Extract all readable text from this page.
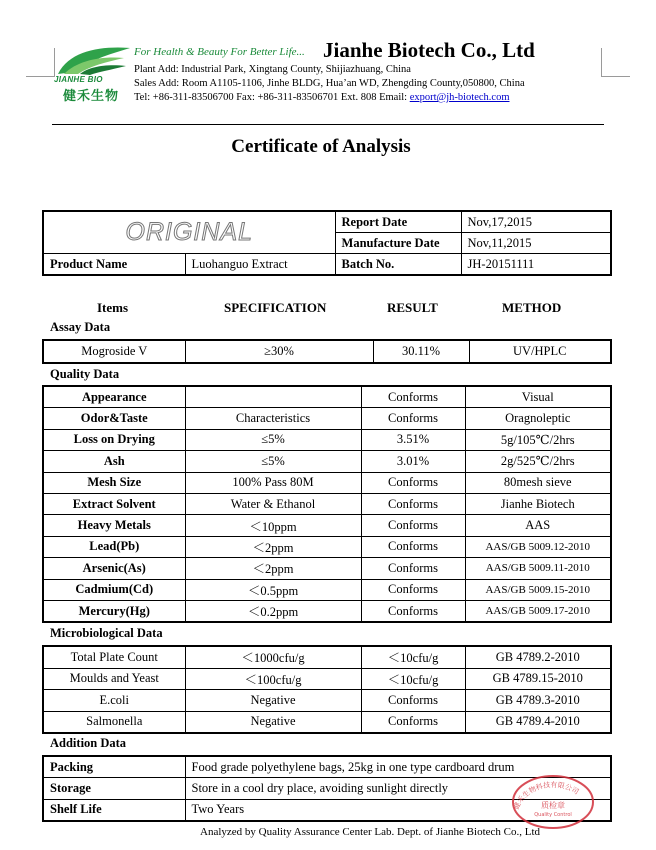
JIANHE BIO
健禾生物
For Health & Beauty For Better Life... Jianhe Biotech Co., Ltd
Plant Add: Industrial Park, Xingtang County, Shijiazhuang, China
Sales Add: Room A1105-1106, Jinhe BLDG, Hua’an WD, Zhengding County,050800, China
Tel: +86-311-83506700 Fax: +86-311-83506701 Ext. 808 Email: export@jh-biotech.com
Certificate of Analysis
ORIGINAL		Report Date	Nov,17,2015
		Manufacture Date	Nov,11,2015
Product Name	Luohanguo Extract	Batch No.	JH-20151111
Items	SPECIFICATION	RESULT	METHOD
Assay Data
Mogroside V	≥30%	30.11%	UV/HPLC
Quality Data
Appearance		Conforms	Visual
Odor&Taste	Characteristics	Conforms	Oragnoleptic
Loss on Drying	≤5%	3.51%	5g/105℃/2hrs
Ash	≤5%	3.01%	2g/525℃/2hrs
Mesh Size	100% Pass 80M	Conforms	80mesh sieve
Extract Solvent	Water & Ethanol	Conforms	Jianhe Biotech
Heavy Metals	＜10ppm	Conforms	AAS
Lead(Pb)	＜2ppm	Conforms	AAS/GB 5009.12-2010
Arsenic(As)	＜2ppm	Conforms	AAS/GB 5009.11-2010
Cadmium(Cd)	＜0.5ppm	Conforms	AAS/GB 5009.15-2010
Mercury(Hg)	＜0.2ppm	Conforms	AAS/GB 5009.17-2010
Microbiological Data
Total Plate Count	＜1000cfu/g	＜10cfu/g	GB 4789.2-2010
Moulds and Yeast	＜100cfu/g	＜10cfu/g	GB 4789.15-2010
E.coli	Negative	Conforms	GB 4789.3-2010
Salmonella	Negative	Conforms	GB 4789.4-2010
Addition Data
Packing	Food grade polyethylene bags, 25kg in one type cardboard drum
Storage	Store in a cool dry place, avoiding sunlight directly
Shelf Life	Two Years	健禾生物科技有限公司
质检章
Quality Control
Analyzed by Quality Assurance Center Lab. Dept. of Jianhe Biotech Co., Ltd
